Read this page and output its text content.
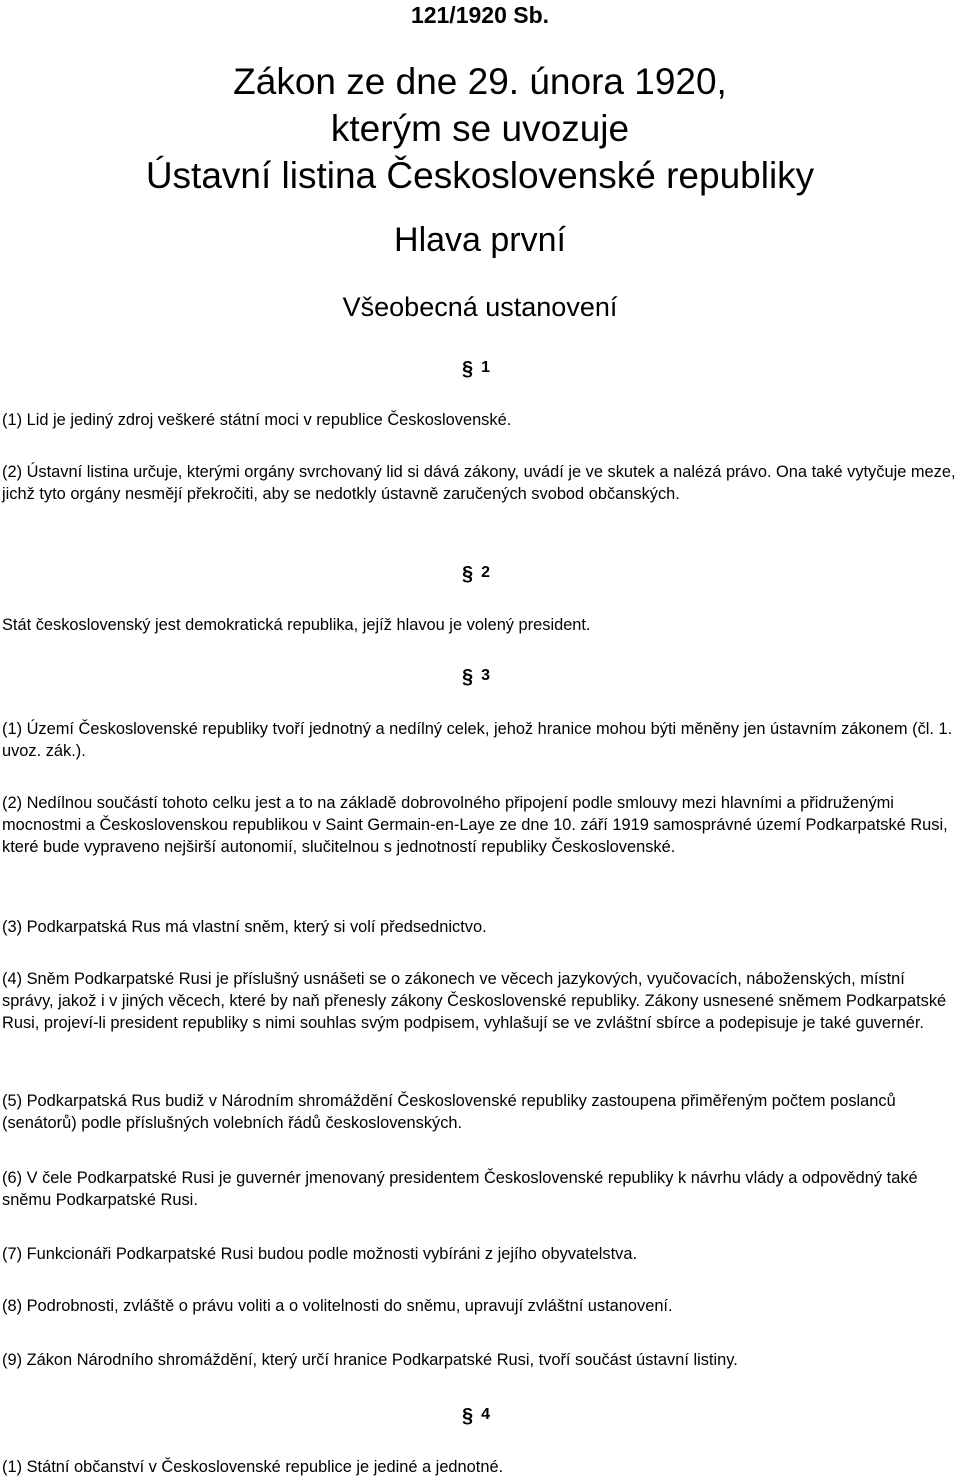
121/1920 Sb.
Zákon ze dne 29. února 1920,
kterým se uvozuje
Ústavní listina Československé republiky
Hlava první
Všeobecná ustanovení
§ 1

(1) Lid je jediný zdroj veškeré státní moci v republice Československé.

(2) Ústavní listina určuje, kterými orgány svrchovaný lid si dává zákony, uvádí je ve skutek a nalézá právo. Ona také vytyčuje meze, jichž tyto orgány nesmějí překročiti, aby se nedotkly ústavně zaručených svobod občanských.

§ 2

Stát československý jest demokratická republika, jejíž hlavou je volený president.

§ 3

(1) Území Československé republiky tvoří jednotný a nedílný celek, jehož hranice mohou býti měněny jen ústavním zákonem (čl. 1. uvoz. zák.).

(2) Nedílnou součástí tohoto celku jest a to na základě dobrovolného připojení podle smlouvy mezi hlavními a přidruženými mocnostmi a Československou republikou v Saint Germain-en-Laye ze dne 10. září 1919 samosprávné území Podkarpatské Rusi, které bude vypraveno nejširší autonomií, slučitelnou s jednotností republiky Československé.

(3) Podkarpatská Rus má vlastní sněm, který si volí předsednictvo.

(4) Sněm Podkarpatské Rusi je příslušný usnášeti se o zákonech ve věcech jazykových, vyučovacích, náboženských, místní správy, jakož i v jiných věcech, které by naň přenesly zákony Československé republiky. Zákony usnesené sněmem Podkarpatské Rusi, projeví-li president republiky s nimi souhlas svým podpisem, vyhlašují se ve zvláštní sbírce a podepisuje je také guvernér.

(5) Podkarpatská Rus budiž v Národním shromáždění Československé republiky zastoupena přiměřeným počtem poslanců (senátorů) podle příslušných volebních řádů československých.

(6) V čele Podkarpatské Rusi je guvernér jmenovaný presidentem Československé republiky k návrhu vlády a odpovědný také sněmu Podkarpatské Rusi.

(7) Funkcionáři Podkarpatské Rusi budou podle možnosti vybíráni z jejího obyvatelstva.

(8) Podrobnosti, zvláště o právu voliti a o volitelnosti do sněmu, upravují zvláštní ustanovení.

(9) Zákon Národního shromáždění, který určí hranice Podkarpatské Rusi, tvoří součást ústavní listiny.

§ 4

(1) Státní občanství v Československé republice je jediné a jednotné.
